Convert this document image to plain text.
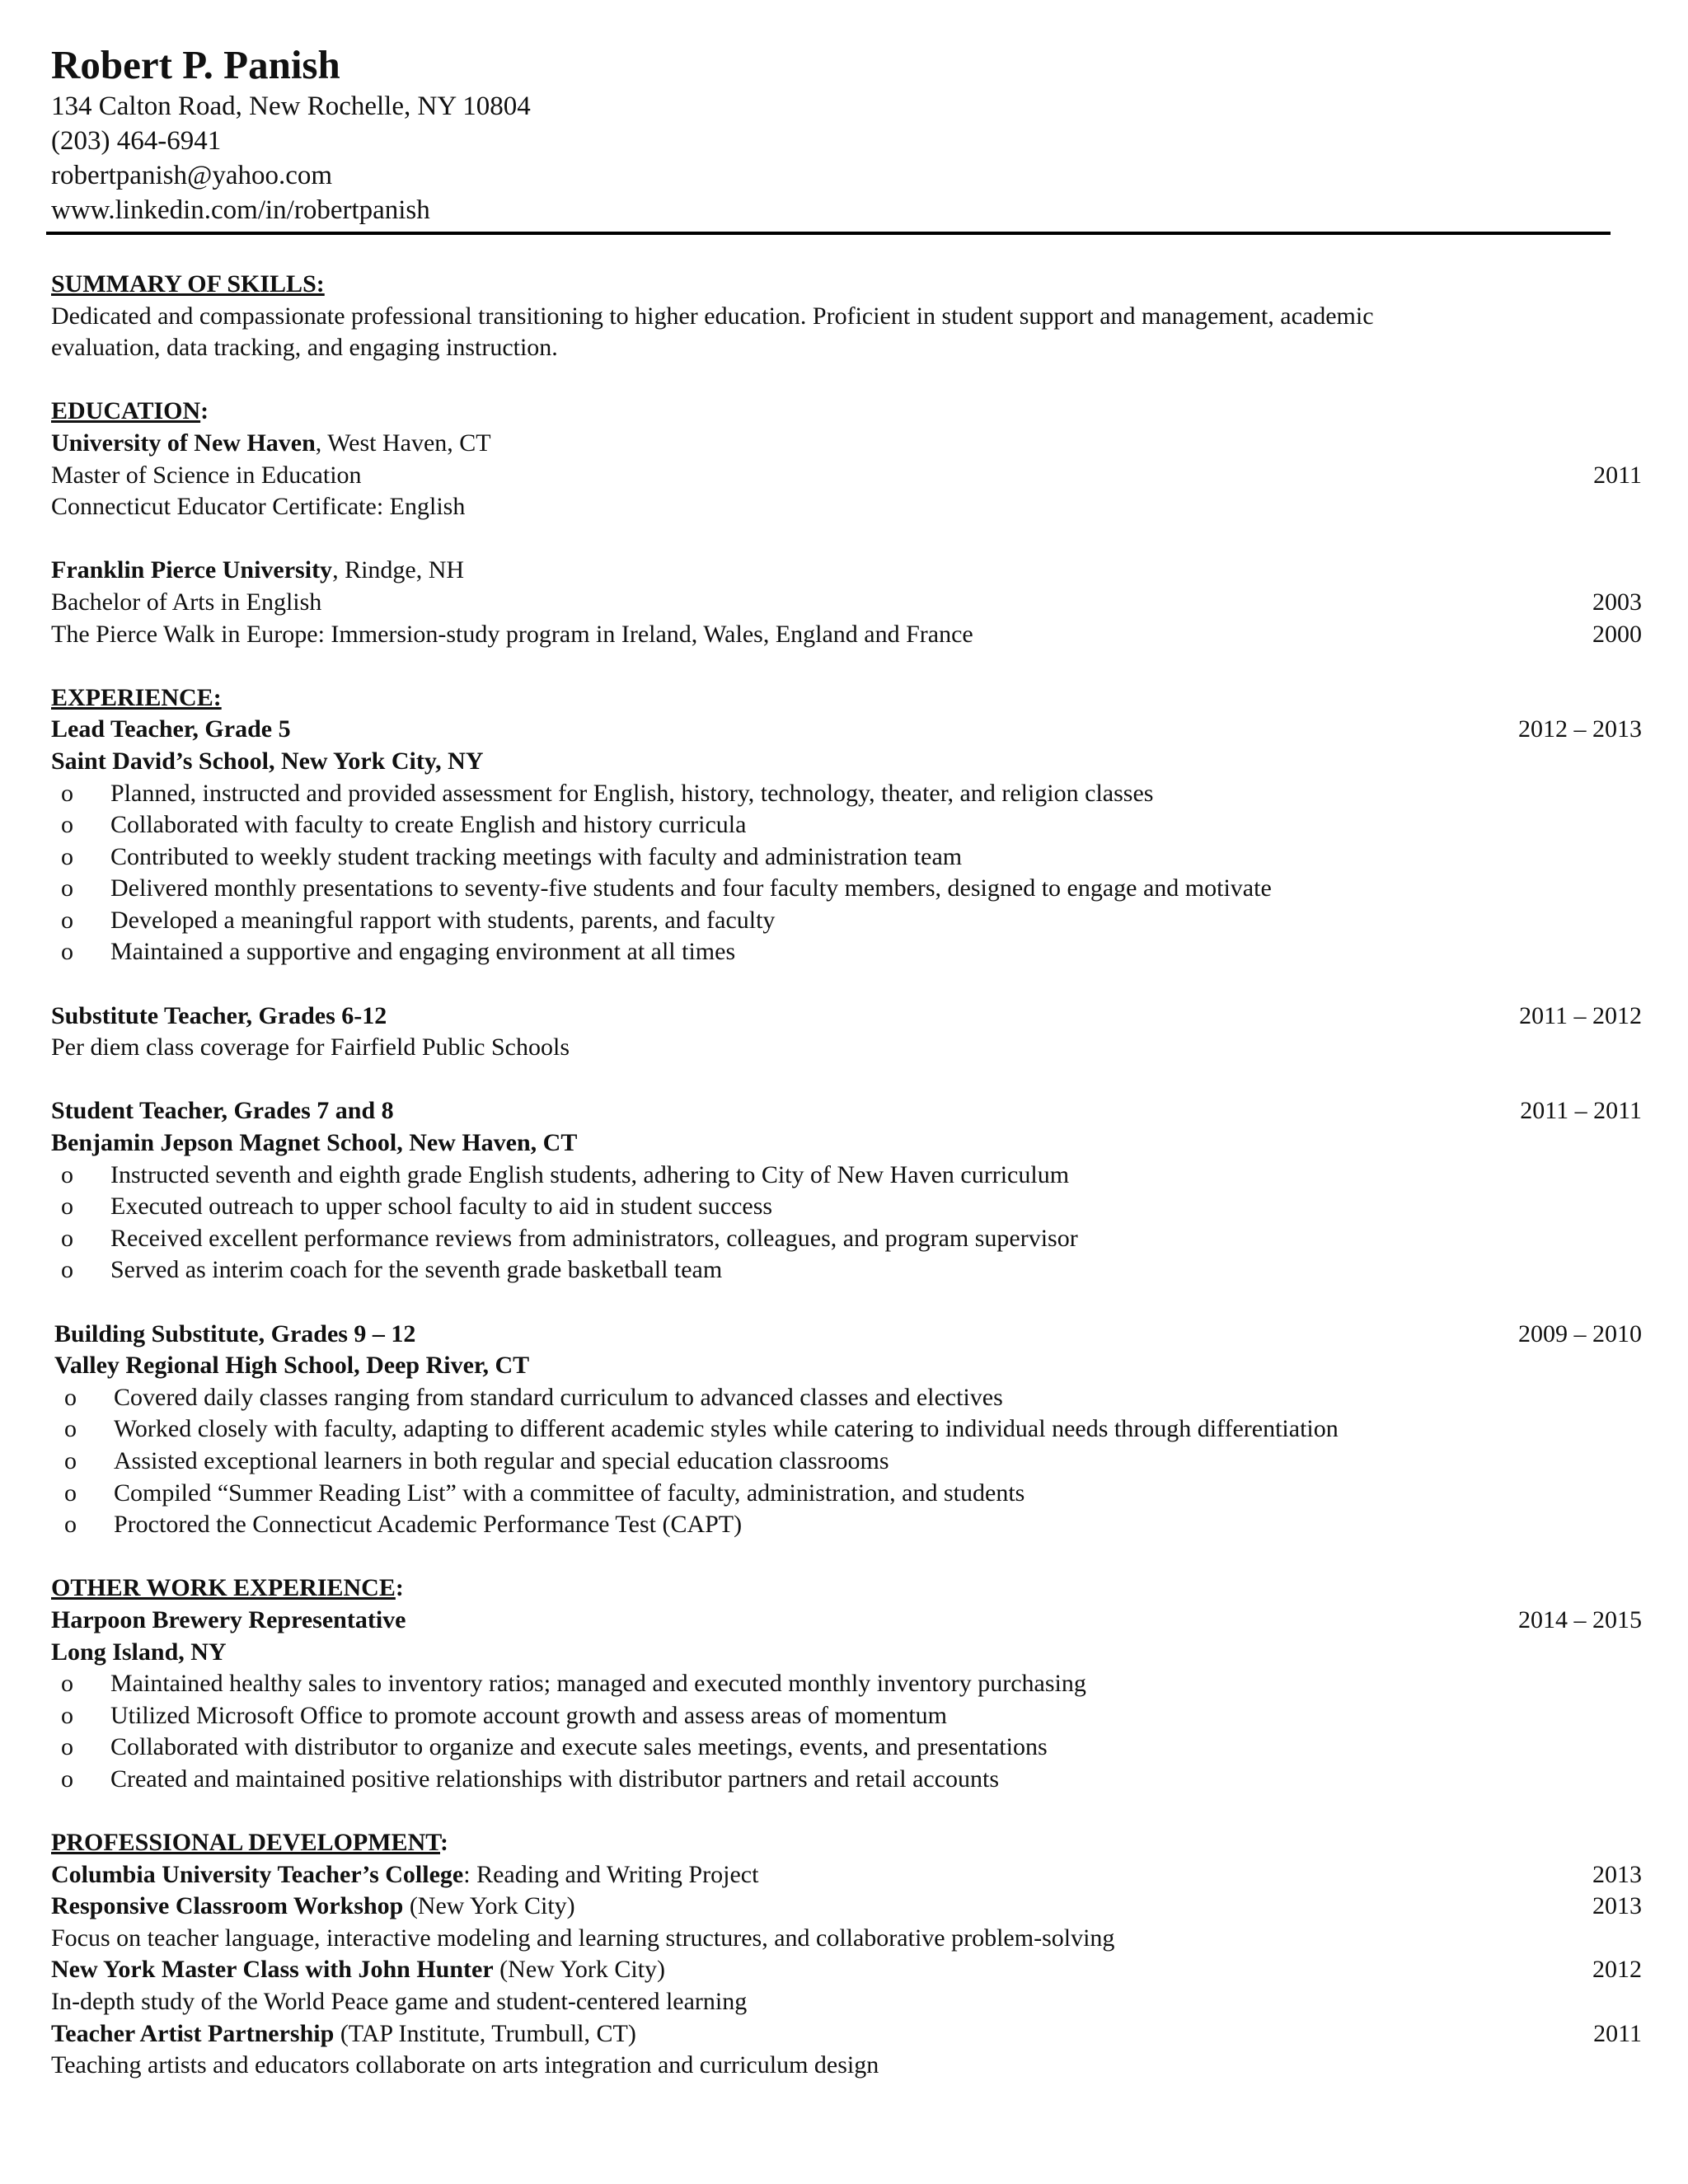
Robert P. Panish
134 Calton Road, New Rochelle, NY 10804
(203) 464-6941
robertpanish@yahoo.com
www.linkedin.com/in/robertpanish
SUMMARY OF SKILLS:
Dedicated and compassionate professional transitioning to higher education. Proficient in student support and management, academic
evaluation, data tracking, and engaging instruction.
EDUCATION:
University of New Haven, West Haven, CT
Master of Science in Education	2011
Connecticut Educator Certificate: English
Franklin Pierce University, Rindge, NH
Bachelor of Arts in English	2003
The Pierce Walk in Europe: Immersion-study program in Ireland, Wales, England and France	2000
EXPERIENCE:
Lead Teacher, Grade 5	2012 – 2013
Saint David’s School, New York City, NY
o Planned, instructed and provided assessment for English, history, technology, theater, and religion classes
o Collaborated with faculty to create English and history curricula
o Contributed to weekly student tracking meetings with faculty and administration team
o Delivered monthly presentations to seventy-five students and four faculty members, designed to engage and motivate
o Developed a meaningful rapport with students, parents, and faculty
o Maintained a supportive and engaging environment at all times
Substitute Teacher, Grades 6-12	2011 – 2012
Per diem class coverage for Fairfield Public Schools
Student Teacher, Grades 7 and 8	2011 – 2011
Benjamin Jepson Magnet School, New Haven, CT
o Instructed seventh and eighth grade English students, adhering to City of New Haven curriculum
o Executed outreach to upper school faculty to aid in student success
o Received excellent performance reviews from administrators, colleagues, and program supervisor
o Served as interim coach for the seventh grade basketball team
Building Substitute, Grades 9 – 12	2009 – 2010
Valley Regional High School, Deep River, CT
o Covered daily classes ranging from standard curriculum to advanced classes and electives
o Worked closely with faculty, adapting to different academic styles while catering to individual needs through differentiation
o Assisted exceptional learners in both regular and special education classrooms
o Compiled “Summer Reading List” with a committee of faculty, administration, and students
o Proctored the Connecticut Academic Performance Test (CAPT)
OTHER WORK EXPERIENCE:
Harpoon Brewery Representative	2014 – 2015
Long Island, NY
o Maintained healthy sales to inventory ratios; managed and executed monthly inventory purchasing
o Utilized Microsoft Office to promote account growth and assess areas of momentum
o Collaborated with distributor to organize and execute sales meetings, events, and presentations
o Created and maintained positive relationships with distributor partners and retail accounts
PROFESSIONAL DEVELOPMENT:
Columbia University Teacher’s College: Reading and Writing Project	2013
Responsive Classroom Workshop (New York City)	2013
Focus on teacher language, interactive modeling and learning structures, and collaborative problem-solving
New York Master Class with John Hunter (New York City)	2012
In-depth study of the World Peace game and student-centered learning
Teacher Artist Partnership (TAP Institute, Trumbull, CT)	2011
Teaching artists and educators collaborate on arts integration and curriculum design
